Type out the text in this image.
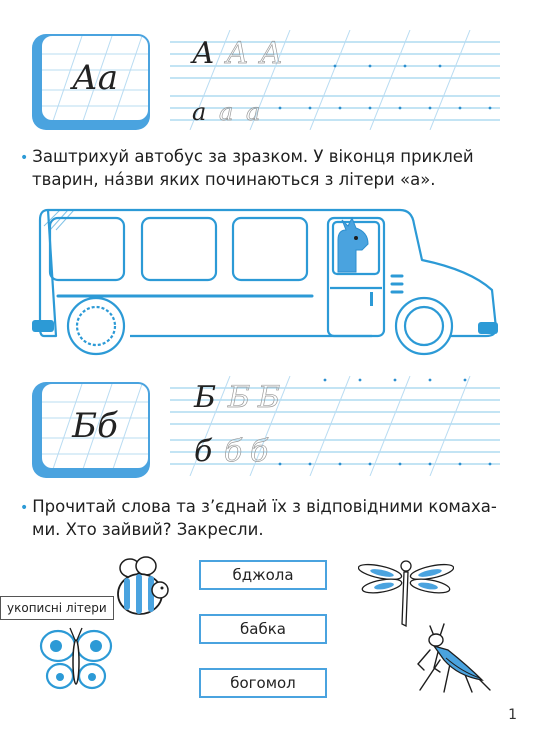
Аа
А А А
а а а
• Заштрихуй автобус за зразком. У віконця приклей
тварин, на́зви яких починаються з літери «а».
Бб
Б Б Б
б б б
• Прочитай слова та з’єднай їх з відповідними комаха-
ми. Хто зайвий? Закресли.
бджола
бабка
богомол
укописні літери
1
